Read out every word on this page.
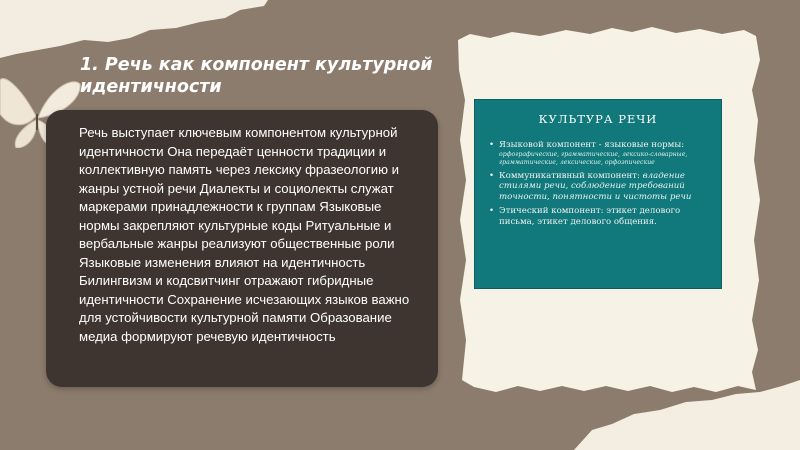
1. Речь как компонент культурной идентичности

Речь выступает ключевым компонентом культурной идентичности Она передаёт ценности традиции и коллективную память через лексику фразеологию и жанры устной речи Диалекты и социолекты служат маркерами принадлежности к группам Языковые нормы закрепляют культурные коды Ритуальные и вербальные жанры реализуют общественные роли Языковые изменения влияют на идентичность Билингвизм и кодсвитчинг отражают гибридные идентичности Сохранение исчезающих языков важно для устойчивости культурной памяти Образование медиа формируют речевую идентичность

КУЛЬТУРА РЕЧИ
• Языковой компонент - языковые нормы:
орфографические, грамматические, лексико-словарные, грамматические, лексические, орфоэпические
• Коммуникативный компонент: владение стилями речи, соблюдение требований точности, понятности и чистоты речи
• Этический компонент: этикет делового письма, этикет делового общения.
